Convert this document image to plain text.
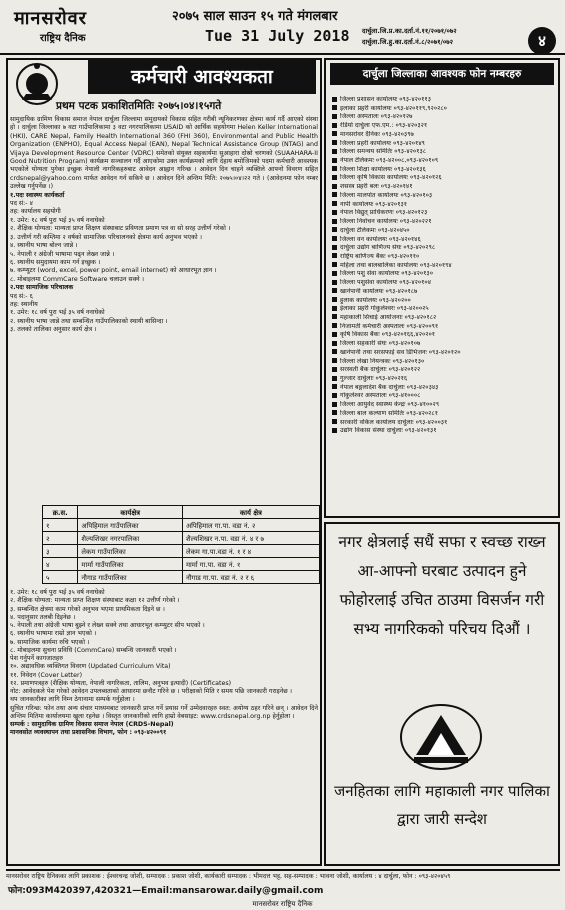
मानसरोवर
राष्ट्रिय दैनिक
२०७५ साल साउन १५ गते मंगलबार
Tue 31 July 2018 दार्चुला.जि.प्र.का.दर्ता.नं.११/२०७१/०७२
दार्चुला.जि.हु.का.दर्ता.नं.८/२०७१/०७२	४
कर्मचारी आवश्यकता
प्रथम पटक प्रकाशितमितिः २०७५।०४।१५गते

सामुदायिक ग्रामिण विकास समाज नेपाल दार्चुला जिल्लामा समुदायको विकास सहित गरीबी न्यूनिकरणका क्षेत्रमा कार्य गर्दै आएको संस्था हो । दार्चुला जिल्लाका ७ वटा गाउँपालिकामा ३ वटा नगरपालिकामा USAID को आर्थिक सहयोगमा Helen Keller International (HKI), CARE Nepal, Family Health International 360 (FHI 360), Environmental and Public Health Organization (ENPHO), Equal Access Nepal (EAN), Nepal Technical Assistance Group (NTAG) and Vijaya Development Resource Center (VDRC) समेतको संयुक्त सहकार्यमा सुआहारा दोस्रो चरणको (SUAAHARA-II Good Nutrition Program) कार्यक्रम सञ्चालन गर्दै आएकोमा उक्त कार्यक्रमको लागि देहाय बमोजिमको पदमा कर्मचारी आवश्यक भएकोले योग्यता पुगेका इच्छुक नेपाली नागरिकहरुबाट आवेदन आह्वान गरिन्छ । आवेदन दिन चाहने व्यक्तिले आफ्नो विवरण सहित crdsnepal@yahoo.com मार्फत आवेदन गर्न सकिने छ । आवेदन दिने अन्तिम मिति: २०७५।०४।२२ गते । (आवेदनमा फोन नम्बर उल्लेख गर्नुपर्नेछ ।)

१.पदः स्वास्थ्य कार्यकर्ता

पद सं:- ४

तह: कार्यालय सहयोगी

१. उमेर: १८ वर्ष पुरा भई ३५ वर्ष ननाघेको
२. शैक्षिक योग्यता: मान्यता प्राप्त शिक्षण संस्थाबाट प्रविणता प्रमाण पत्र वा सो सरह उत्तीर्ण गरेको ।
३. उत्तीर्ण गरी कम्तिमा २ वर्षको सामाजिक परिचालनको क्षेत्रमा कार्य अनुभव भएको ।
४. स्थानीय भाषा बोल्न जान्ने ।
५. नेपाली र अंग्रेजी भाषामा पढ्न लेख्न जान्ने ।
६. स्थानीय समुदायमा काम गर्न इच्छुक ।
७. कम्प्युटर (word, excel, power point, email internet) को आधारभूत ज्ञान ।
८. मोबाइलमा CommCare Software चलाउन सक्ने ।

२.पदः सामाजिक परिचालक

पद सं:- ६

तह: स्थानीय

१. उमेर: १८ वर्ष पुरा भई ३५ वर्ष ननाघेको
२. स्थानीय भाषा जान्ने तथा सम्बन्धित गाउँपालिकाको स्थायी बासिन्दा ।
३. तलको तालिका अनुसार कार्य क्षेत्र ।

क्र.स.	कार्यक्षेत्र	कार्य क्षेत्र
१	अपिहिमाल गाउँपालिका	अपिहिमाल गा.पा. वडा नं. २
२	शैल्यशिखर नगरपालिका	शैल्यशिखर न.पा. वडा नं. ४ र ७
३	लेकम गाउँपालिका	लेकम गा.पा.वडा नं. १ र ४
४	मार्मा गाउँपालिका	मार्मा गा.पा. वडा नं. १
५	नौगाड गाउँपालिका	नौगाड गा.पा. वडा नं. २ र ६

१. उमेर: १८ वर्ष पुरा भई ३५ वर्ष ननाघेको
२. शैक्षिक योग्यता: मान्यता प्राप्त शिक्षण संस्थाबाट कक्षा १२ उत्तीर्ण गरेको ।
३. सम्बन्धित क्षेत्रमा काम गरेको अनुभव भएमा प्राथमिकता दिइने छ ।
४. पदानुसार तलबी दिइनेछ ।
५. नेपाली तथा अंग्रेजी भाषा बुझ्ने र लेख्न सक्ने तथा आधारभूत कम्प्युटर सीप भएको ।
६. स्थानीय भाषामा राम्रो ज्ञान भएको ।
७. सामाजिक कार्यमा रुचि भएको ।
८. मोबाइलमा सुचना प्रविधि (CommCare) सम्बन्धि जानकारी भएको ।
पेश गर्नुपर्ने कागजातहरु
१०. अद्यावधिक व्यक्तिगत विवरण (Updated Curriculum Vita)
११. निवेदन (Cover Letter)
१२. प्रमाणपत्रहरु (शैक्षिक योग्यता, नेपाली नागरिकता, तालिम, अनुभव इत्यादी) (Certificates)
नोट: आवेदकले पेश गरेको आवेदन उपलब्धताको आधारमा छनौट गरिने छ । परीक्षाको मिति र समय पछि जानकारी गराइनेछ ।
थप जानकारीका लागि निम्न ठेगानामा सम्पर्क गर्नुहोला ।
सुचित गरिन्छ: फोन तथा अन्य संचार माध्यमबाट जानकारी प्राप्त गर्ने प्रयास गर्ने उम्मेदवारहरु स्वत: अयोग्य ठहर गरिने छन् । आवेदन दिने अन्तिम मितिमा कार्यालयमा खुला रहनेछ । विस्तृत जानकारीको लागि हाम्रो वेबसाइट: www.crdsnepal.org.np हेर्नुहोला ।

सम्पर्क : सामुदायिक ग्रामिण विकास समाज नेपाल (CRDS-Nepal)
मानवसोत व्यवस्थापन तथा प्रशासनिक विभाग, फोन : ०९३-४२००९१

दार्चुला जिल्लाका आवश्यक फोन नम्बरहरु
जिल्ला प्रशासन कार्यालयः ०९३-४२०११३
इलाका प्रहरी कार्यालयः ०९३-४२०११९,९२०२८०
जिल्ला अस्पतालः ०९३-४२०१२७
रेडियो दार्चुला एफ.एम.: ०९३-४२०३२१
मानसरोवर दैनिकः ०९३-४२०३९७
जिल्ला प्रहरी कार्यालयः ०९३-४२०१४९
जिल्ला समन्वय समितिः ०९३-४२०१३८
नेपाल टेलिकमः ०९३-४२००८,०९३-४२०१०९
जिल्ला शिक्षा कार्यालयः ०९३-४२०१३६
जिल्ला कृषि विकास कार्यालयः ०९३-४२०१२६
शसस्त्र प्रहरी बलः ०९३-४२०१४१
जिल्ला मालपोत कार्यालयः ०९३-४२०१०३
नापी कार्यालयः ०९३-४२०१३१
नेपाल विद्युत् प्राधिकरणः ०९३-४२०१२३
जिल्ला निर्वाचन कार्यालयः ०९३-४२०२२१
दार्चुला टेलिकमः ०९३-४२०४५०
जिल्ला वन कार्यालयः ०९३-४२०१४६
दार्चुला उद्योग बाणिज्य संघः ०९३-४२०२९८
राष्ट्रिय बाणिज्य बैंकः ०९३-४२०११०
महिला तथा बालबालिका कार्यालयः ०९३-४२०१९४
जिल्ला पशु सेवा कार्यालयः ०९३-४२०१३०
जिल्ला पशुसेवा कार्यालयः ०९३-४२०१०४
खानेपानी कार्यालयः ०९३-४२०१८७
हुलाक कार्यालयः ०९३-४२०२००
ईलाका प्रहरी गोकुलेश्वरः ०९३-४२००२५
महाकाली सिंचाई आयोजनाः ०९३-४२०१८२
निजामती कर्मचारी अस्पतालः ०९३-४२००९१
कृषि विकास बैंकः ०९३-४२०१६६,४२०२०१
जिल्ला सहकारी संघः ०९३-४२०१०७
खानेपानी तथा सरसफाई सव डिभिजनः ०९३-४२०१२०
जिल्ला लेखा नियन्त्रकः ०९३-४२०१३०
सरस्वती बैंक दार्चुलाः ०९३-४२०१२२
गुल्जार दार्चुलाः ०९३-४२०२१६
नेपाल बङ्गलादेश बैंक दार्चुलाः ०९३-४२०३४३
गोकुलेश्वर अस्पतालः ०९३-४१०००८
जिल्ला आयुर्वेद स्वास्थ्य केन्द्रः ०९३-४१००२९
जिल्ला बाल कल्याण समितिः ०९३-४२०२८१
सरकारी वकिल कार्यालय दार्चुलाः ०९३-४२००३१
उद्योग विकास संस्था दार्चुलाः ०९३-४२०१३१
नगर क्षेत्रलाई सधैं सफा र स्वच्छ राख्न आ-आफ्नो घरबाट उत्पादन हुने फोहोरलाई उचित ठाउमा विसर्जन गरी सभ्य नागरिकको परिचय दिऔं ।
जनहितका लागि महाकाली नगर पालिका द्वारा जारी सन्देश
मानसरोवर राष्ट्रिय दैनिकका लागि प्रकाशक : ईश्वरचन्द्र जोशी, सम्पादक : प्रकाश जोशी, कार्यकारी सम्पादक : भीमदत्त भट्ट, सह-सम्पादक : भावना जोशी, कार्यालय : ४ दार्चुला, फोन : ०९३-४२०४५९
फोन:093M420397,420321—Email:mansarowar.daily@gmail.com
मानसरोवर राष्ट्रिय दैनिक
